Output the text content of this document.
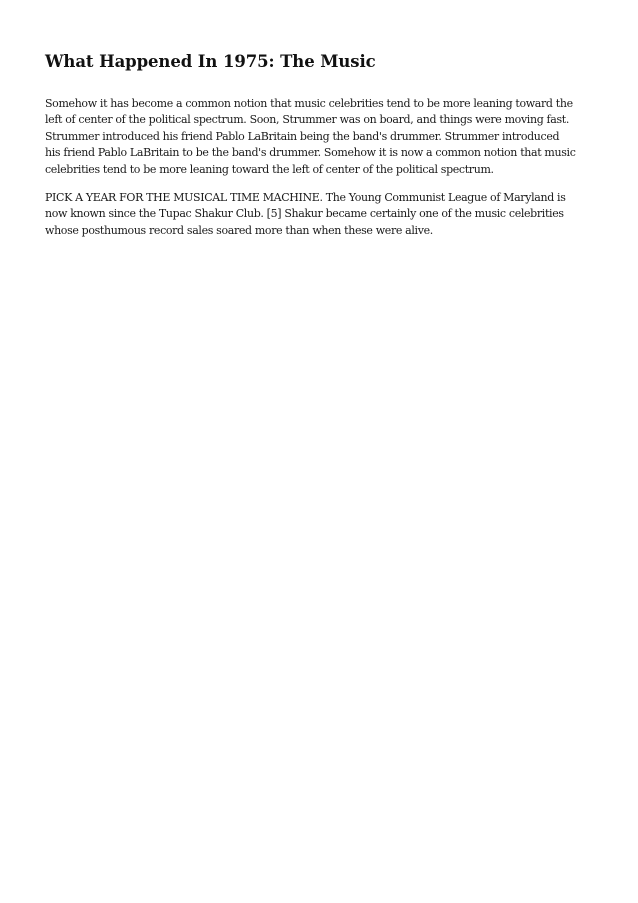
What Happened In 1975: The Music

Somehow it has become a common notion that music celebrities tend to be more leaning toward the
left of center of the political spectrum. Soon, Strummer was on board, and things were moving fast.
Strummer introduced his friend Pablo LaBritain being the band's drummer. Strummer introduced
his friend Pablo LaBritain to be the band's drummer. Somehow it is now a common notion that music
celebrities tend to be more leaning toward the left of center of the political spectrum.

PICK A YEAR FOR THE MUSICAL TIME MACHINE. The Young Communist League of Maryland is
now known since the Tupac Shakur Club. [5] Shakur became certainly one of the music celebrities
whose posthumous record sales soared more than when these were alive.
